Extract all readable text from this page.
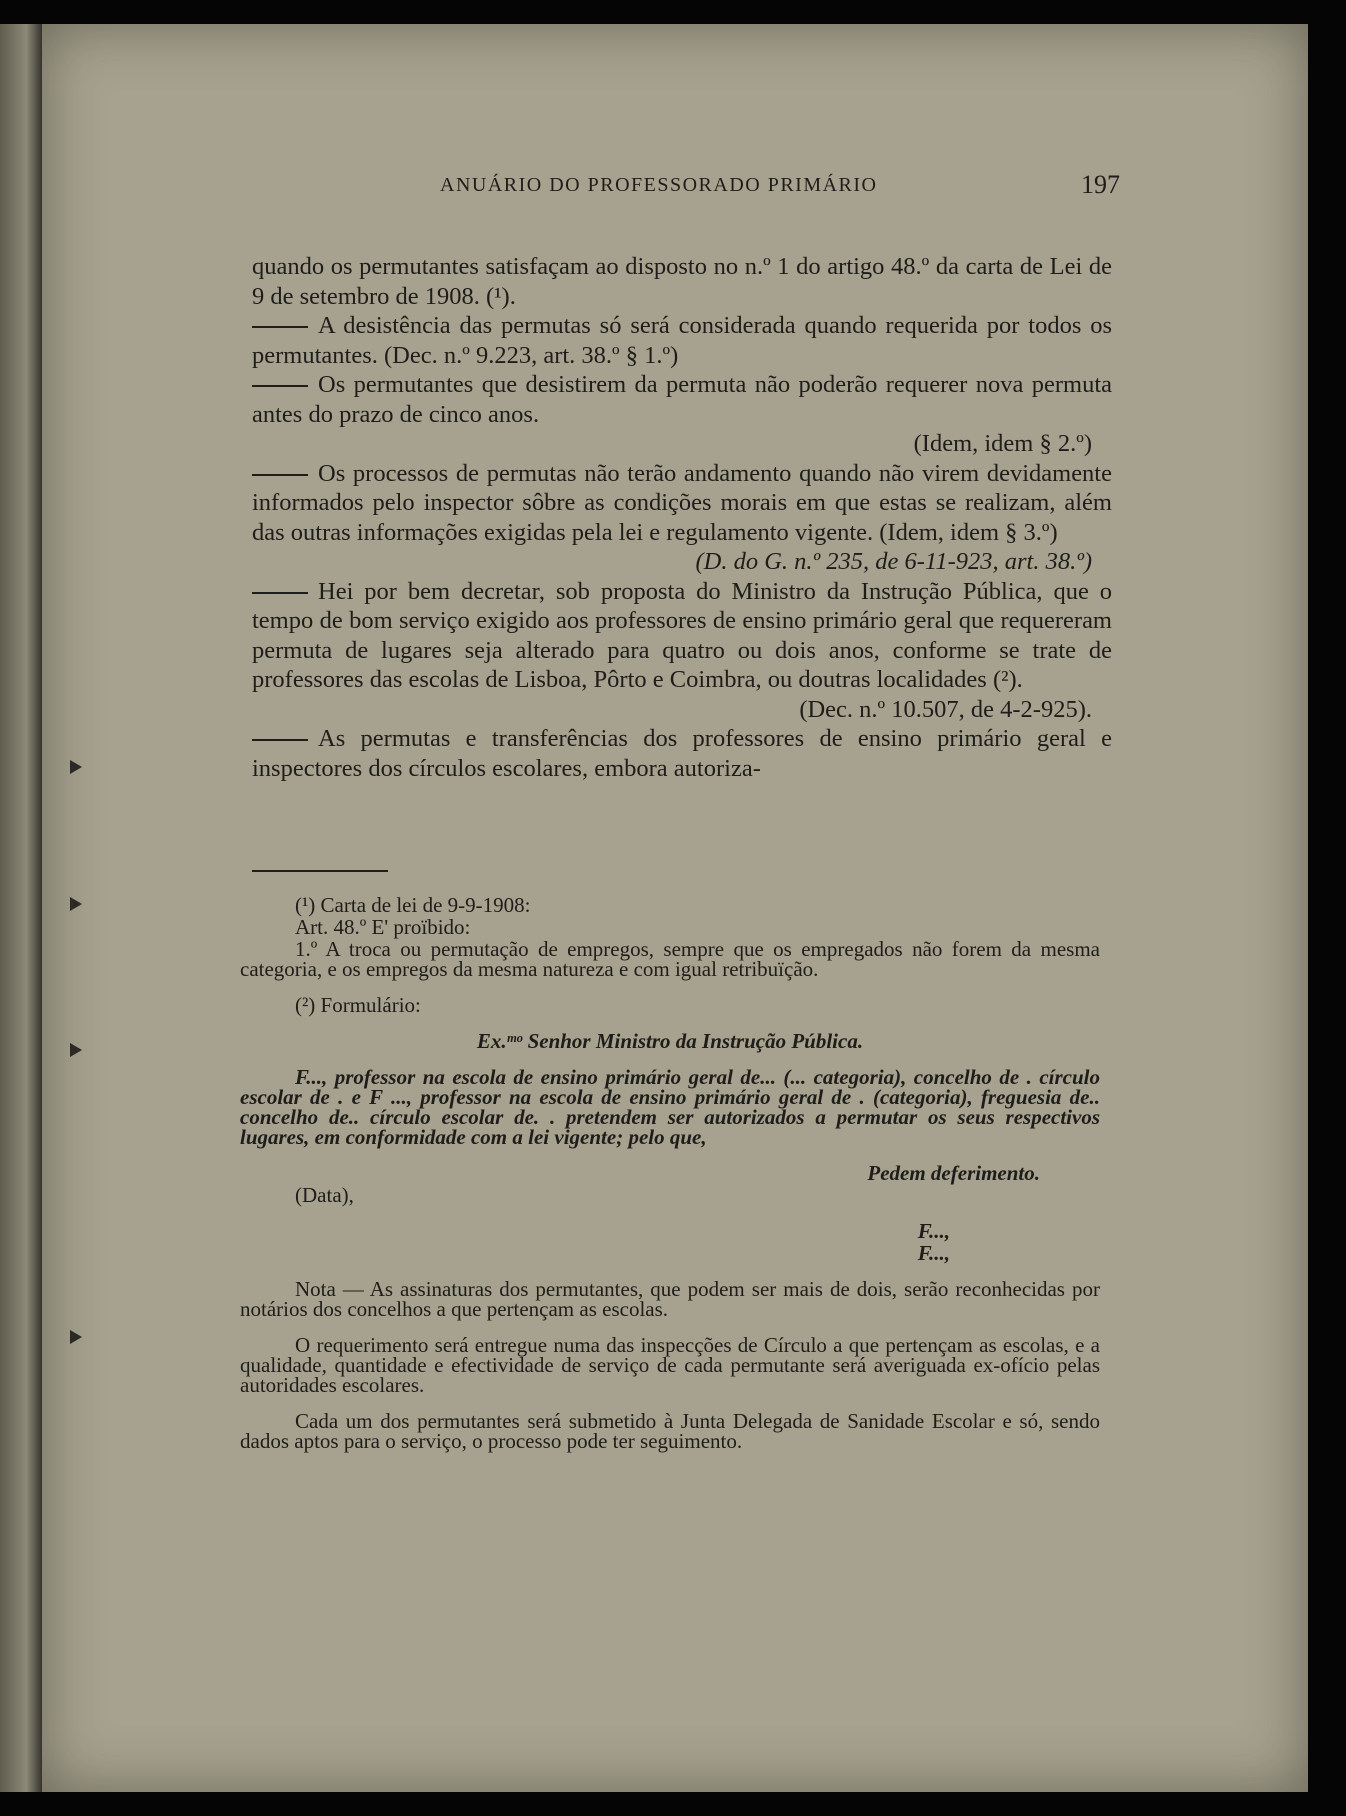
ANUÁRIO DO PROFESSORADO PRIMÁRIO	197

quando os permutantes satisfaçam ao disposto no n.º 1 do artigo 48.º da carta de Lei de 9 de setembro de 1908. (¹).

A desistência das permutas só será considerada quando requerida por todos os permutantes. (Dec. n.º 9.223, art. 38.º § 1.º)

Os permutantes que desistirem da permuta não poderão requerer nova permuta antes do prazo de cinco anos.

(Idem, idem § 2.º)

Os processos de permutas não terão andamento quando não virem devidamente informados pelo inspector sôbre as condições morais em que estas se realizam, além das outras informações exigidas pela lei e regulamento vigente. (Idem, idem § 3.º)

(D. do G. n.º 235, de 6-11-923, art. 38.º)

Hei por bem decretar, sob proposta do Ministro da Instrução Pública, que o tempo de bom serviço exigido aos professores de ensino primário geral que requereram permuta de lugares seja alterado para quatro ou dois anos, conforme se trate de professores das escolas de Lisboa, Pôrto e Coimbra, ou doutras localidades (²).

(Dec. n.º 10.507, de 4-2-925).

As permutas e transferências dos professores de ensino primário geral e inspectores dos círculos escolares, embora autoriza-

(¹) Carta de lei de 9-9-1908:

Art. 48.º E' proïbido:

1.º A troca ou permutação de empregos, sempre que os empregados não forem da mesma categoria, e os empregos da mesma natureza e com igual retribuïção.

(²) Formulário:

Ex.ᵐᵒ Senhor Ministro da Instrução Pública.

F..., professor na escola de ensino primário geral de... (... categoria), concelho de . círculo escolar de . e F ..., professor na escola de ensino primário geral de . (categoria), freguesia de.. concelho de.. círculo escolar de. . pretendem ser autorizados a permutar os seus respectivos lugares, em conformidade com a lei vigente; pelo que,

Pedem deferimento.

(Data),

F...,

F...,

Nota — As assinaturas dos permutantes, que podem ser mais de dois, serão reconhecidas por notários dos concelhos a que pertençam as escolas.

O requerimento será entregue numa das inspecções de Círculo a que pertençam as escolas, e a qualidade, quantidade e efectividade de serviço de cada permutante será averiguada ex-ofício pelas autoridades escolares.

Cada um dos permutantes será submetido à Junta Delegada de Sanidade Escolar e só, sendo dados aptos para o serviço, o processo pode ter seguimento.
